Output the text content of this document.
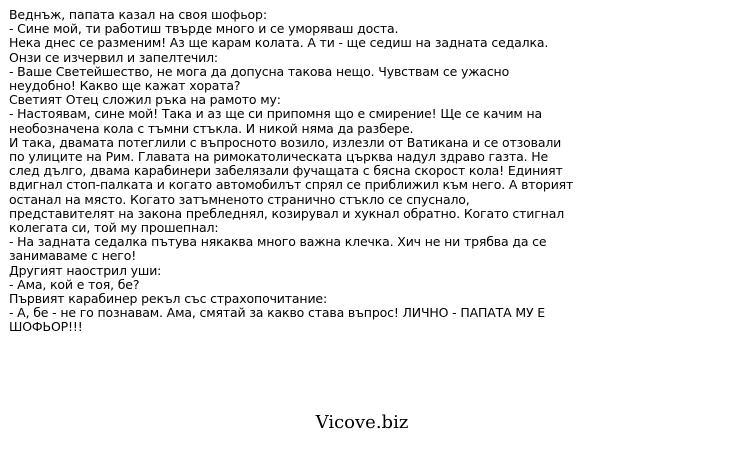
Веднъж, папата казал на своя шофьор:

- Сине мой, ти работиш твърде много и се уморяваш доста.

Нека днес се разменим! Аз ще карам колата. А ти - ще седиш на задната седалка.

Онзи се изчервил и запелтечил:

- Ваше Светейшество, не мога да допусна такова нещо. Чувствам се ужасно неудобно! Какво ще кажат хората?

Светият Отец сложил ръка на рамото му:

- Настоявам, сине мой! Така и аз ще си припомня що е смирение! Ще се качим на необозначена кола с тъмни стъкла. И никой няма да разбере.

И така, двамата потеглили с въпросното возило, излезли от Ватикана и се отзовали по улиците на Рим. Главата на римокатолическата църква надул здраво газта. Не след дълго, двама карабинери забелязали фучащата с бясна скорост кола! Единият вдигнал стоп-палката и когато автомобилът спрял се приближил към него. А вторият останал на място. Когато затъмненото странично стъкло се спуснало, представителят на закона пребледнял, козирувал и хукнал обратно. Когато стигнал колегата си, той му прошепнал:

- На задната седалка пътува някаква много важна клечка. Хич не ни трябва да се занимаваме с него!

Другият наострил уши:

- Ама, кой е тоя, бе?

Първият карабинер рекъл със страхопочитание:

- А, бе - не го познавам. Ама, смятай за какво става въпрос! ЛИЧНО - ПАПАТА МУ Е ШОФЬОР!!!

Vicove.biz
